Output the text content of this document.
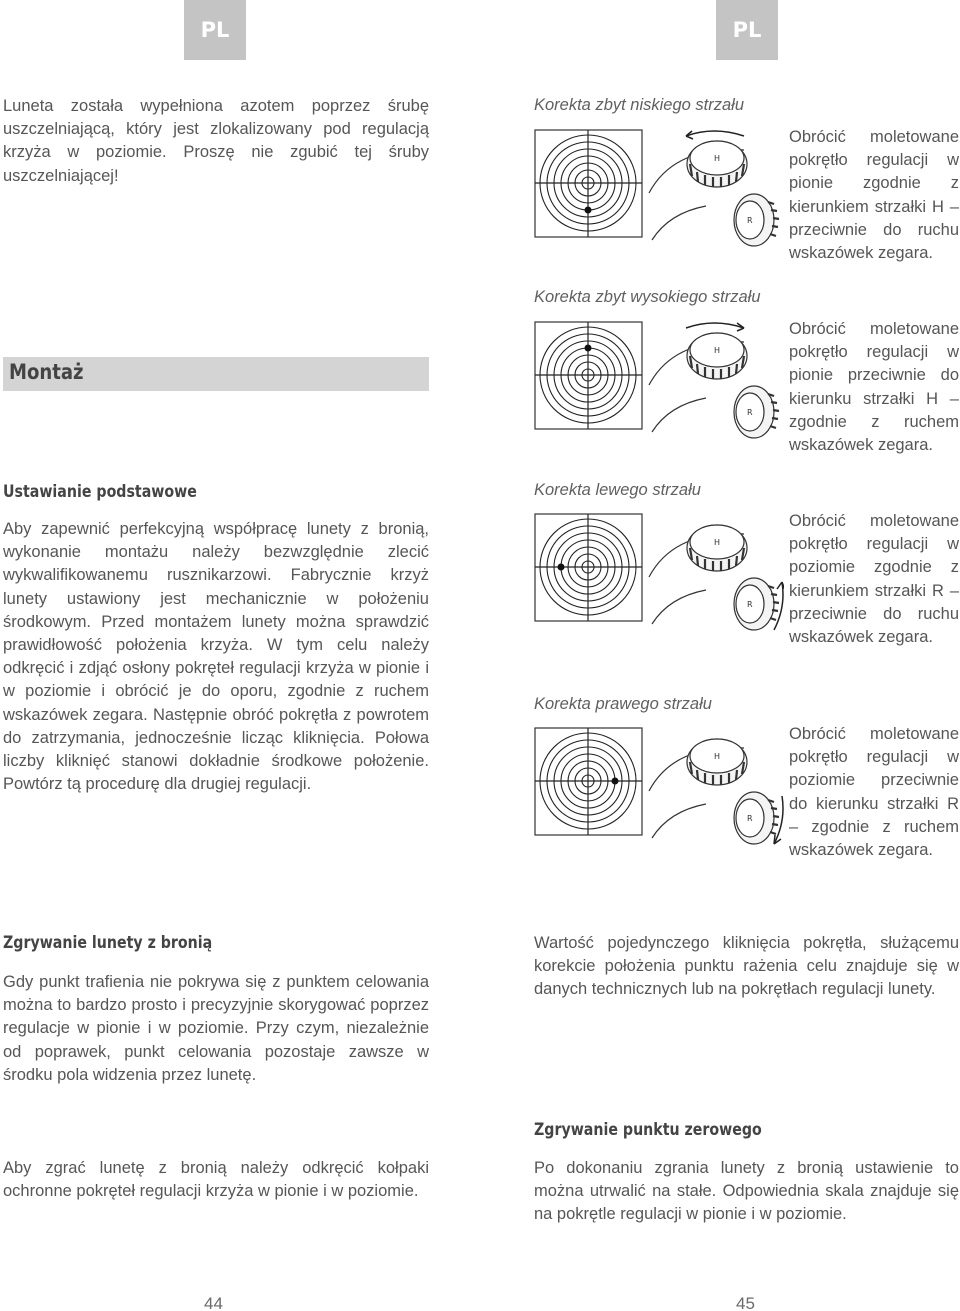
PL	PL
Luneta została wypełniona azotem poprzez śrubę uszczelniającą, który jest zlokalizowany pod regulacją krzyża w poziomie. Proszę nie zgubić tej śruby uszczelniającej!
Montaż
Ustawianie podstawowe
Aby zapewnić perfekcyjną współpracę lunety z bronią, wykonanie montażu należy bezwzględnie zlecić wykwalifikowanemu rusznikarzowi. Fabrycznie krzyż lunety ustawiony jest mechanicznie w położeniu środkowym. Przed montażem lunety można sprawdzić prawidłowość położenia krzyża. W tym celu należy odkręcić i zdjąć osłony pokręteł regulacji krzyża w pionie i w poziomie i obrócić je do oporu, zgodnie z ruchem wskazówek zegara. Następnie obróć pokrętła z powrotem do zatrzymania, jednocześnie licząc kliknięcia. Połowa liczby kliknięć stanowi dokładnie środkowe położenie. Powtórz tą procedurę dla drugiej regulacji.
Zgrywanie lunety z bronią
Gdy punkt trafienia nie pokrywa się z punktem celowania można to bardzo prosto i precyzyjnie skorygować poprzez regulacje w pionie i w poziomie. Przy czym, niezależnie od poprawek, punkt celowania pozostaje zawsze w środku pola widzenia przez lunetę.
Aby zgrać lunetę z bronią należy odkręcić kołpaki ochronne pokręteł regulacji krzyża w pionie i w poziomie.
44
Korekta zbyt niskiego strzału
Obrócić moletowane pokrętło regulacji w pionie zgodnie z kierunkiem strzałki H – przeciwnie do ruchu wskazówek zegara.
Korekta zbyt wysokiego strzału
Obrócić moletowane pokrętło regulacji w pionie przeciwnie do kierunku strzałki H – zgodnie z ruchem wskazówek zegara.
Korekta lewego strzału
Obrócić moletowane pokrętło regulacji w poziomie zgodnie z kierunkiem strzałki R – przeciwnie do ruchu wskazówek zegara.
Korekta prawego strzału
Obrócić moletowane pokrętło regulacji w poziomie przeciwnie do kierunku strzałki R – zgodnie z ruchem wskazówek zegara.
H
R
H
R
H
R
H
R
Wartość pojedynczego kliknięcia pokrętła, służącemu korekcie położenia punktu rażenia celu znajduje się w danych technicznych lub na pokrętłach regulacji lunety.
Zgrywanie punktu zerowego
Po dokonaniu zgrania lunety z bronią ustawienie to można utrwalić na stałe. Odpowiednia skala znajduje się na pokrętle regulacji w pionie i w poziomie.
45
